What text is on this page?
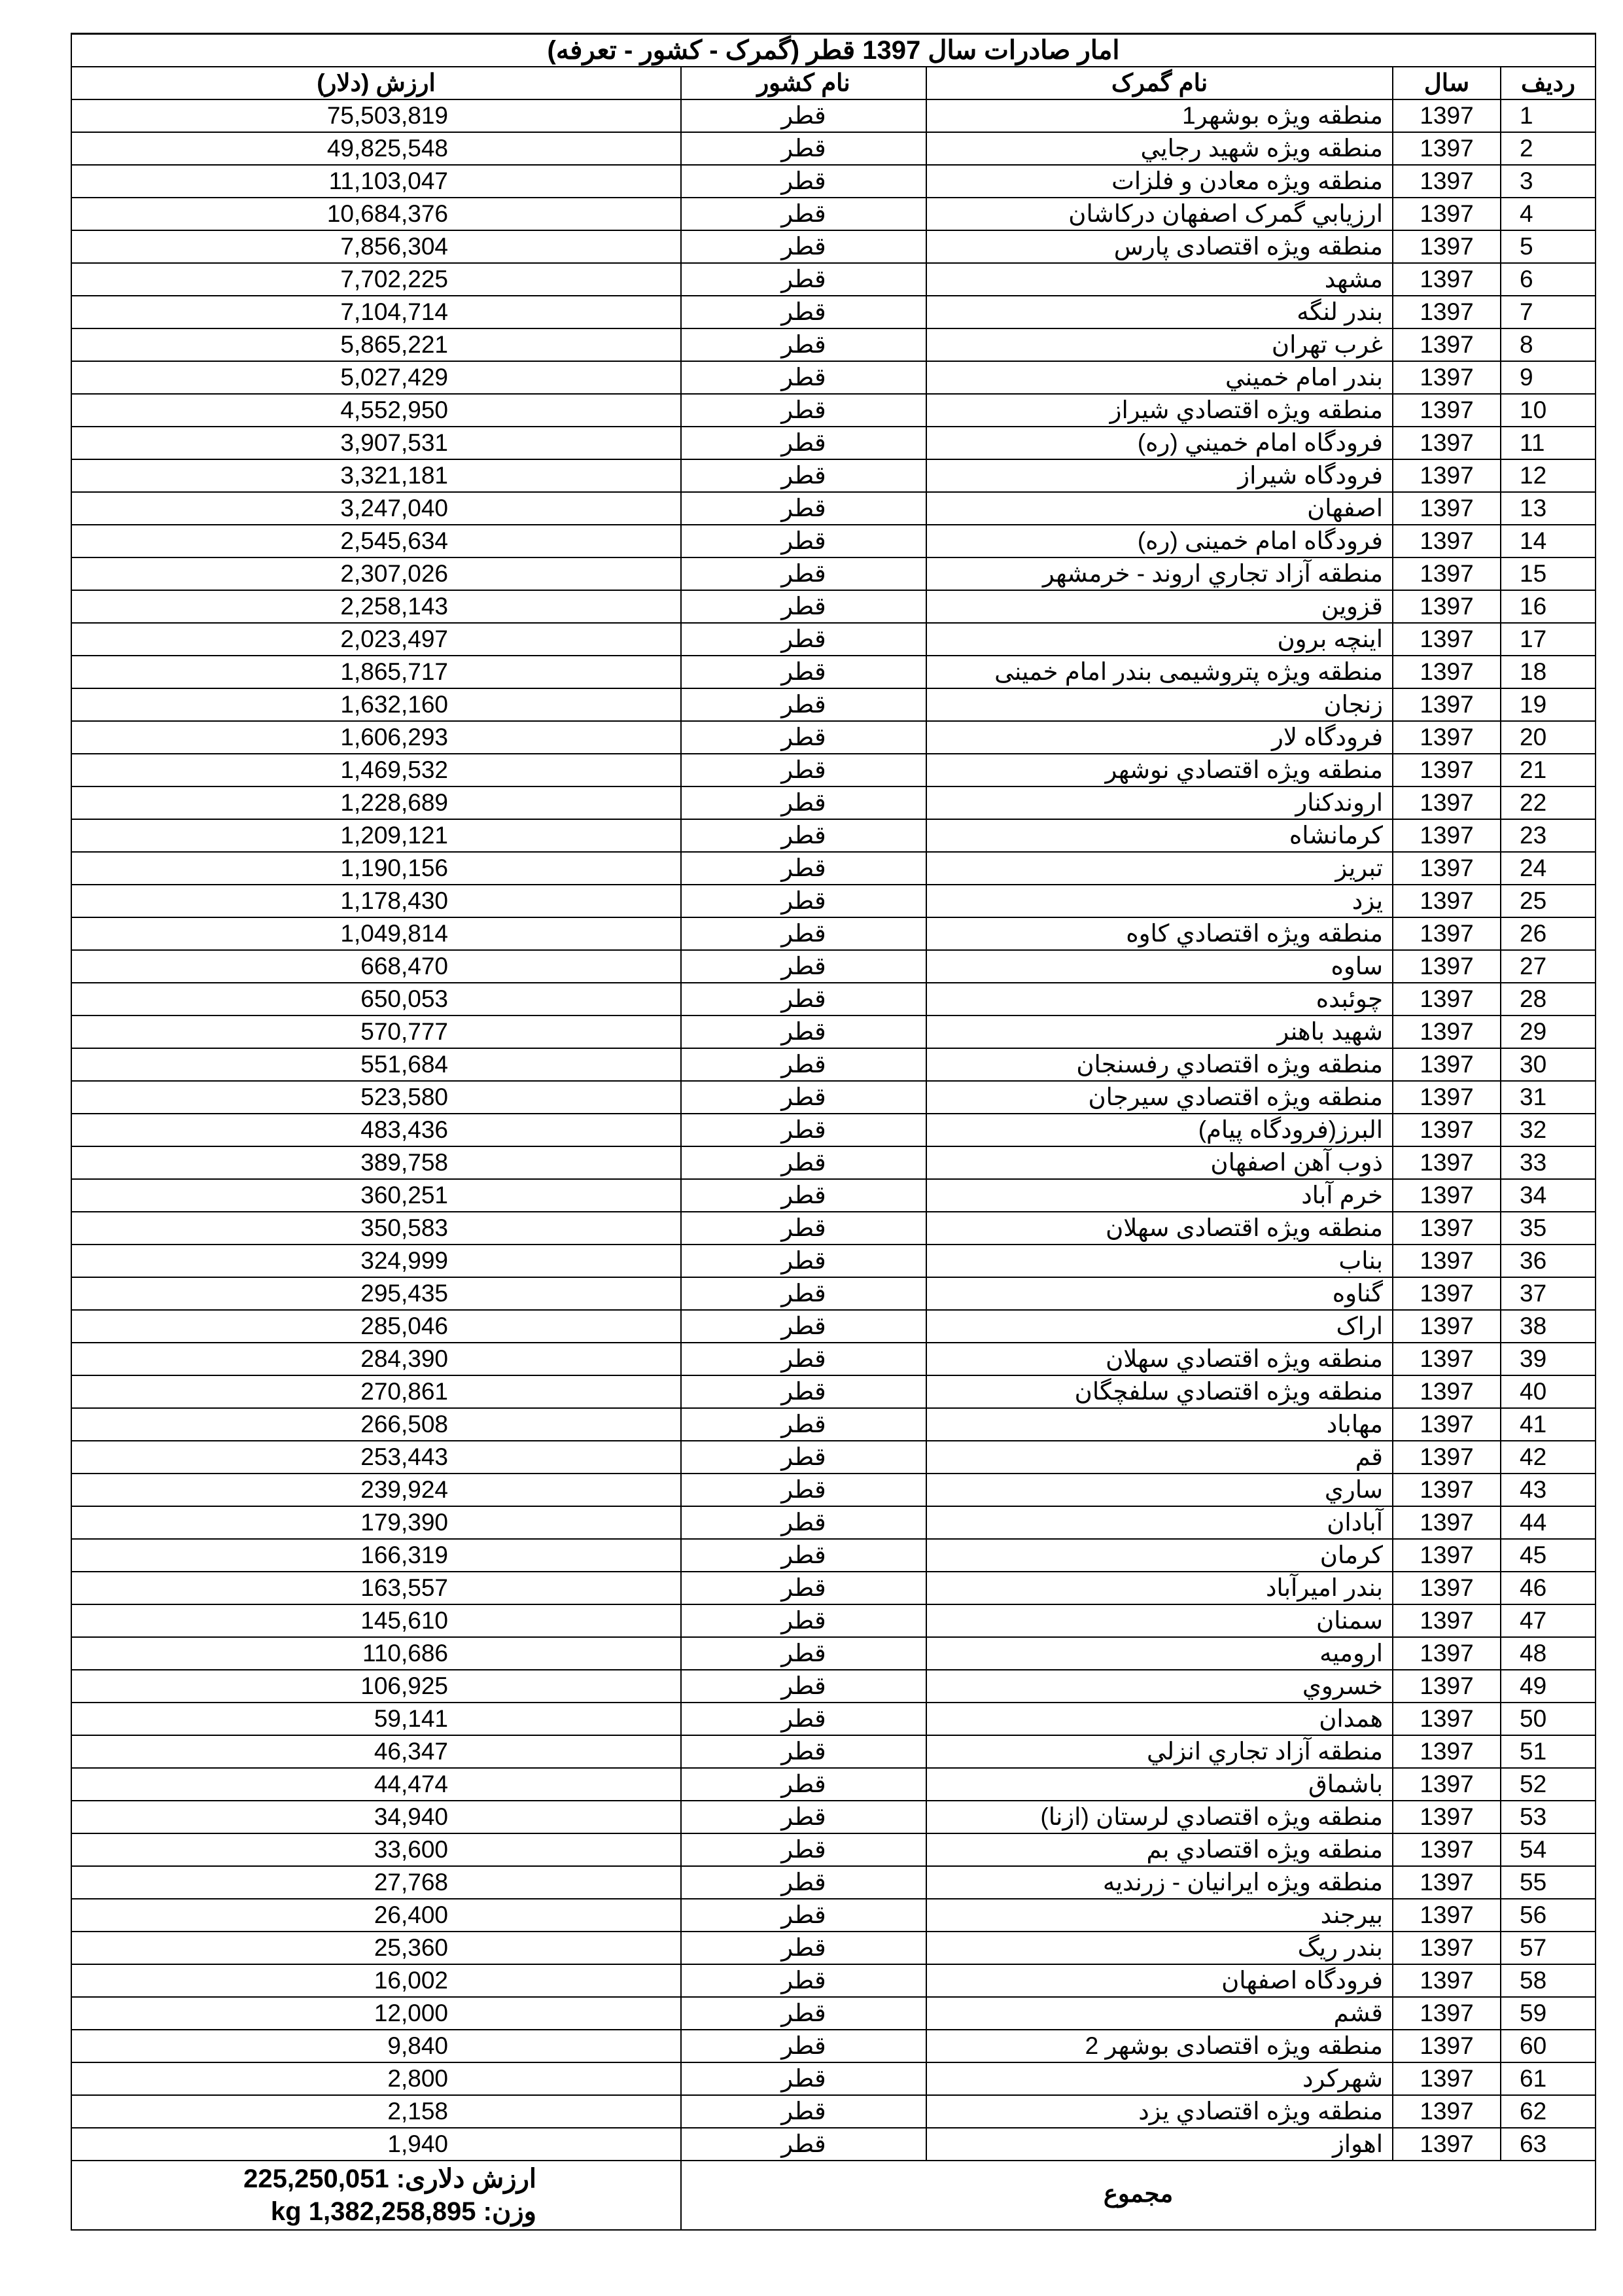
امار صادرات سال 1397 قطر (گمرک - کشور - تعرفه)				
ارزش (دلار)	نام کشور	نام گمرک	سال	رديف
75,503,819	قطر	منطقه ويژه بوشهر1	1397	1
49,825,548	قطر	منطقه ويژه شهيد رجايي	1397	2
11,103,047	قطر	منطقه ويژه معادن و فلزات	1397	3
10,684,376	قطر	ارزيابي گمرک اصفهان درکاشان	1397	4
7,856,304	قطر	منطقه ويژه اقتصادی پارس	1397	5
7,702,225	قطر	مشهد	1397	6
7,104,714	قطر	بندر لنگه	1397	7
5,865,221	قطر	غرب تهران	1397	8
5,027,429	قطر	بندر امام خميني	1397	9
4,552,950	قطر	منطقه ويژه اقتصادي شيراز	1397	10
3,907,531	قطر	فرودگاه امام خميني (ره)	1397	11
3,321,181	قطر	فرودگاه شيراز	1397	12
3,247,040	قطر	اصفهان	1397	13
2,545,634	قطر	فرودگاه امام خمینی (ره)	1397	14
2,307,026	قطر	منطقه آزاد تجاري اروند - خرمشهر	1397	15
2,258,143	قطر	قزوين	1397	16
2,023,497	قطر	اينچه برون	1397	17
1,865,717	قطر	منطقه ويژه پتروشيمی بندر امام خمينی	1397	18
1,632,160	قطر	زنجان	1397	19
1,606,293	قطر	فرودگاه لار	1397	20
1,469,532	قطر	منطقه ويژه اقتصادي نوشهر	1397	21
1,228,689	قطر	اروندكنار	1397	22
1,209,121	قطر	كرمانشاه	1397	23
1,190,156	قطر	تبريز	1397	24
1,178,430	قطر	يزد	1397	25
1,049,814	قطر	منطقه ويژه اقتصادي كاوه	1397	26
668,470	قطر	ساوه	1397	27
650,053	قطر	چوئبده	1397	28
570,777	قطر	شهيد باهنر	1397	29
551,684	قطر	منطقه ويژه اقتصادي رفسنجان	1397	30
523,580	قطر	منطقه ويژه اقتصادي سيرجان	1397	31
483,436	قطر	البرز(فرودگاه پيام)	1397	32
389,758	قطر	ذوب آهن اصفهان	1397	33
360,251	قطر	خرم آباد	1397	34
350,583	قطر	منطقه ويژه اقتصادی سهلان	1397	35
324,999	قطر	بناب	1397	36
295,435	قطر	گناوه	1397	37
285,046	قطر	اراک	1397	38
284,390	قطر	منطقه ويژه اقتصادي سهلان	1397	39
270,861	قطر	منطقه ويژه اقتصادي سلفچگان	1397	40
266,508	قطر	مهاباد	1397	41
253,443	قطر	قم	1397	42
239,924	قطر	ساري	1397	43
179,390	قطر	آبادان	1397	44
166,319	قطر	كرمان	1397	45
163,557	قطر	بندر اميرآباد	1397	46
145,610	قطر	سمنان	1397	47
110,686	قطر	اروميه	1397	48
106,925	قطر	خسروي	1397	49
59,141	قطر	همدان	1397	50
46,347	قطر	منطقه آزاد تجاري انزلي	1397	51
44,474	قطر	باشماق	1397	52
34,940	قطر	منطقه ويژه اقتصادي لرستان (ازنا)	1397	53
33,600	قطر	منطقه ويژه اقتصادي بم	1397	54
27,768	قطر	منطقه ويژه ايرانيان - زرنديه	1397	55
26,400	قطر	بيرجند	1397	56
25,360	قطر	بندر ريگ	1397	57
16,002	قطر	فرودگاه اصفهان	1397	58
12,000	قطر	قشم	1397	59
9,840	قطر	منطقه ويژه اقتصادی بوشهر 2	1397	60
2,800	قطر	شهركرد	1397	61
2,158	قطر	منطقه ويژه اقتصادي يزد	1397	62
1,940	قطر	اهواز	1397	63

ارزش دلاری: 225,250,051
وزن: 1,382,258,895 kg	مجموع			
